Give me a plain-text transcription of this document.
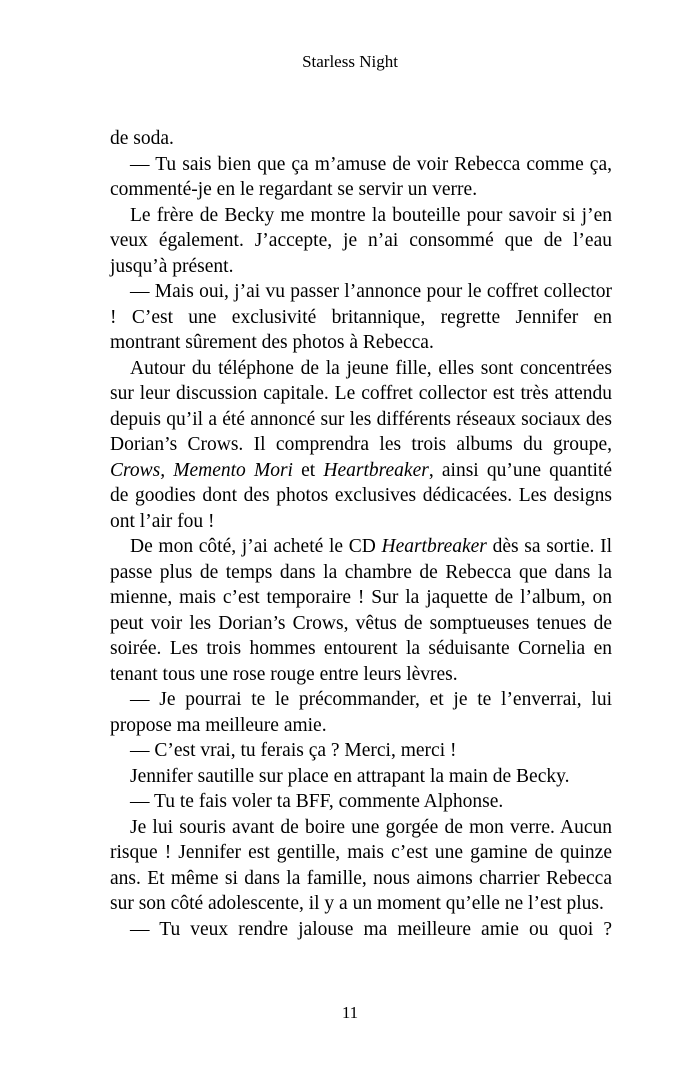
Starless Night

de soda.

— Tu sais bien que ça m’amuse de voir Rebecca comme ça, commenté-je en le regardant se servir un verre.

Le frère de Becky me montre la bouteille pour savoir si j’en veux également. J’accepte, je n’ai consommé que de l’eau jusqu’à présent.

— Mais oui, j’ai vu passer l’annonce pour le coffret collector ! C’est une exclusivité britannique, regrette Jennifer en montrant sûrement des photos à Rebecca.

Autour du téléphone de la jeune fille, elles sont concentrées sur leur discussion capitale. Le coffret collector est très attendu depuis qu’il a été annoncé sur les différents réseaux sociaux des Dorian’s Crows. Il comprendra les trois albums du groupe, Crows, Memento Mori et Heartbreaker, ainsi qu’une quantité de goodies dont des photos exclusives dédicacées. Les designs ont l’air fou !

De mon côté, j’ai acheté le CD Heartbreaker dès sa sortie. Il passe plus de temps dans la chambre de Rebecca que dans la mienne, mais c’est temporaire ! Sur la jaquette de l’album, on peut voir les Dorian’s Crows, vêtus de somptueuses tenues de soirée. Les trois hommes entourent la séduisante Cornelia en tenant tous une rose rouge entre leurs lèvres.

— Je pourrai te le précommander, et je te l’enverrai, lui propose ma meilleure amie.

— C’est vrai, tu ferais ça ? Merci, merci !

Jennifer sautille sur place en attrapant la main de Becky.

— Tu te fais voler ta BFF, commente Alphonse.

Je lui souris avant de boire une gorgée de mon verre. Aucun risque ! Jennifer est gentille, mais c’est une gamine de quinze ans. Et même si dans la famille, nous aimons charrier Rebecca sur son côté adolescente, il y a un moment qu’elle ne l’est plus.

— Tu veux rendre jalouse ma meilleure amie ou quoi ?

11
